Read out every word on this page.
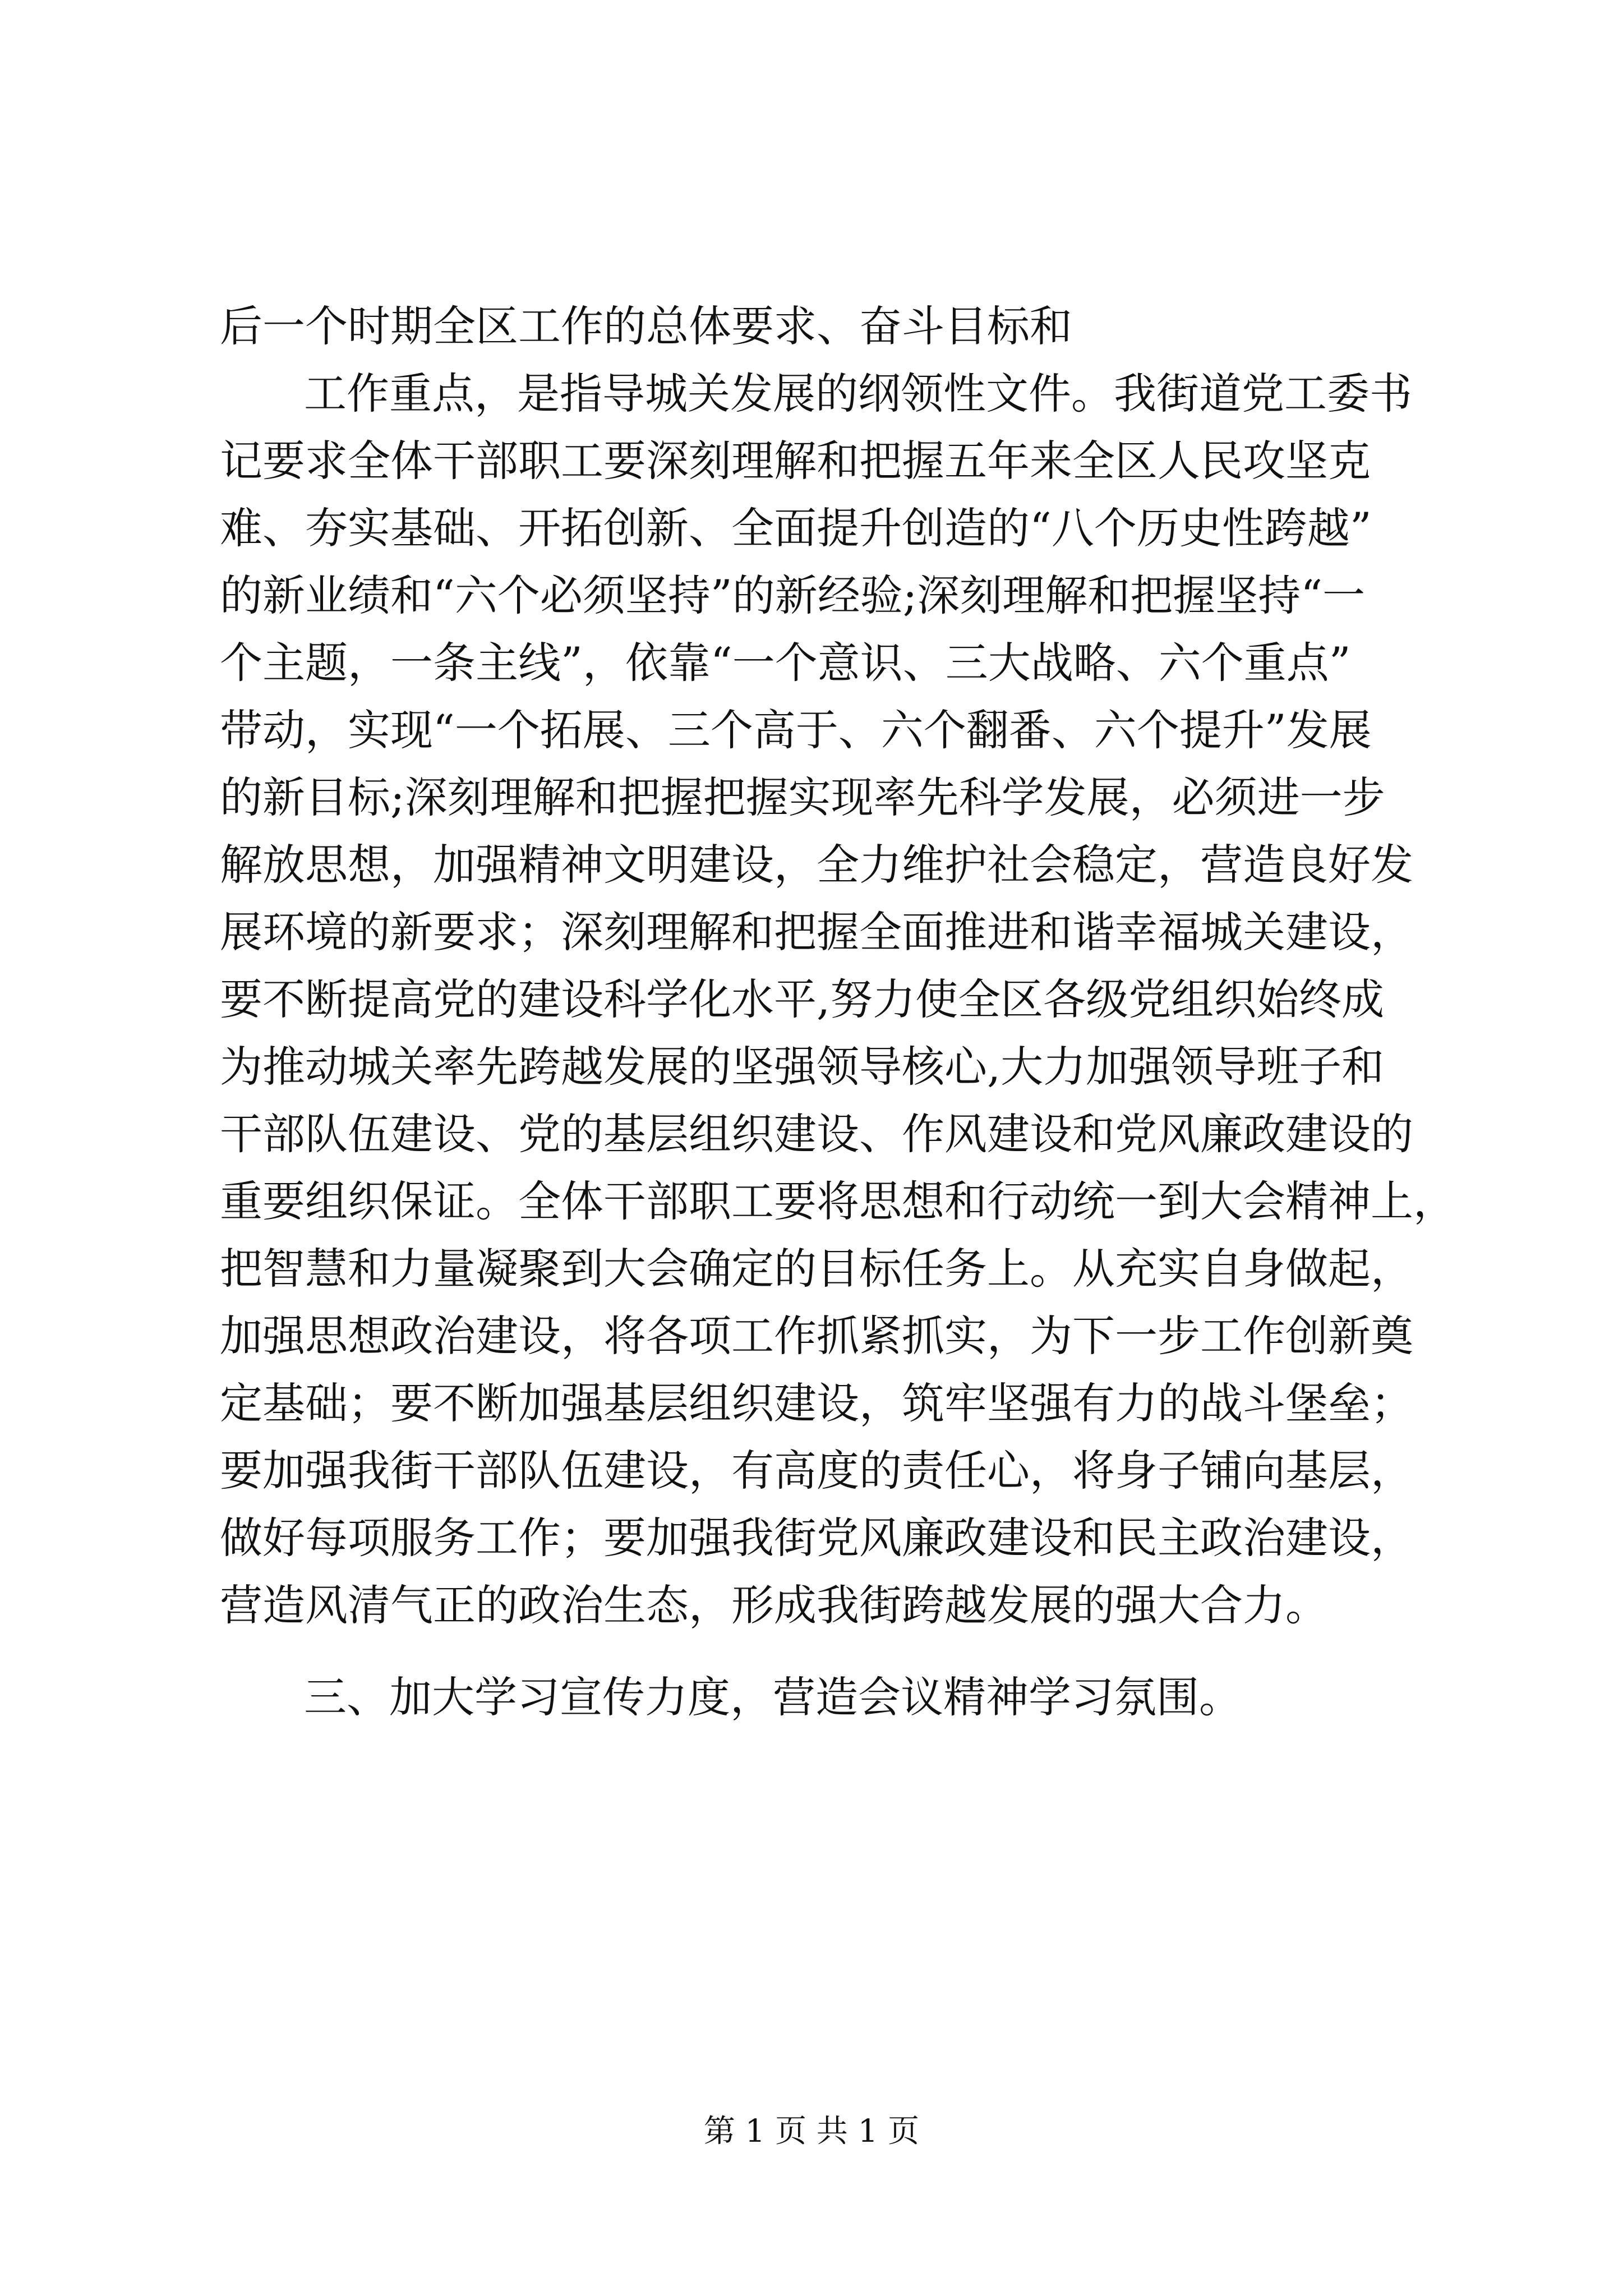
后一个时期全区工作的总体要求、奋斗目标和
工作重点，是指导城关发展的纲领性文件。我街道党工委书
记要求全体干部职工要深刻理解和把握五年来全区人民攻坚克
难、夯实基础、开拓创新、全面提升创造的“八个历史性跨越”
的新业绩和“六个必须坚持”的新经验;深刻理解和把握坚持“一
个主题，一条主线”，依靠“一个意识、三大战略、六个重点”
带动，实现“一个拓展、三个高于、六个翻番、六个提升”发展
的新目标;深刻理解和把握把握实现率先科学发展，必须进一步
解放思想，加强精神文明建设，全力维护社会稳定，营造良好发
展环境的新要求；深刻理解和把握全面推进和谐幸福城关建设，
要不断提高党的建设科学化水平,努力使全区各级党组织始终成
为推动城关率先跨越发展的坚强领导核心,大力加强领导班子和
干部队伍建设、党的基层组织建设、作风建设和党风廉政建设的
重要组织保证。全体干部职工要将思想和行动统一到大会精神上，
把智慧和力量凝聚到大会确定的目标任务上。从充实自身做起，
加强思想政治建设，将各项工作抓紧抓实，为下一步工作创新奠
定基础；要不断加强基层组织建设，筑牢坚强有力的战斗堡垒；
要加强我街干部队伍建设，有高度的责任心，将身子铺向基层，
做好每项服务工作；要加强我街党风廉政建设和民主政治建设，
营造风清气正的政治生态，形成我街跨越发展的强大合力。
三、加大学习宣传力度，营造会议精神学习氛围。
第 1 页 共 1 页
